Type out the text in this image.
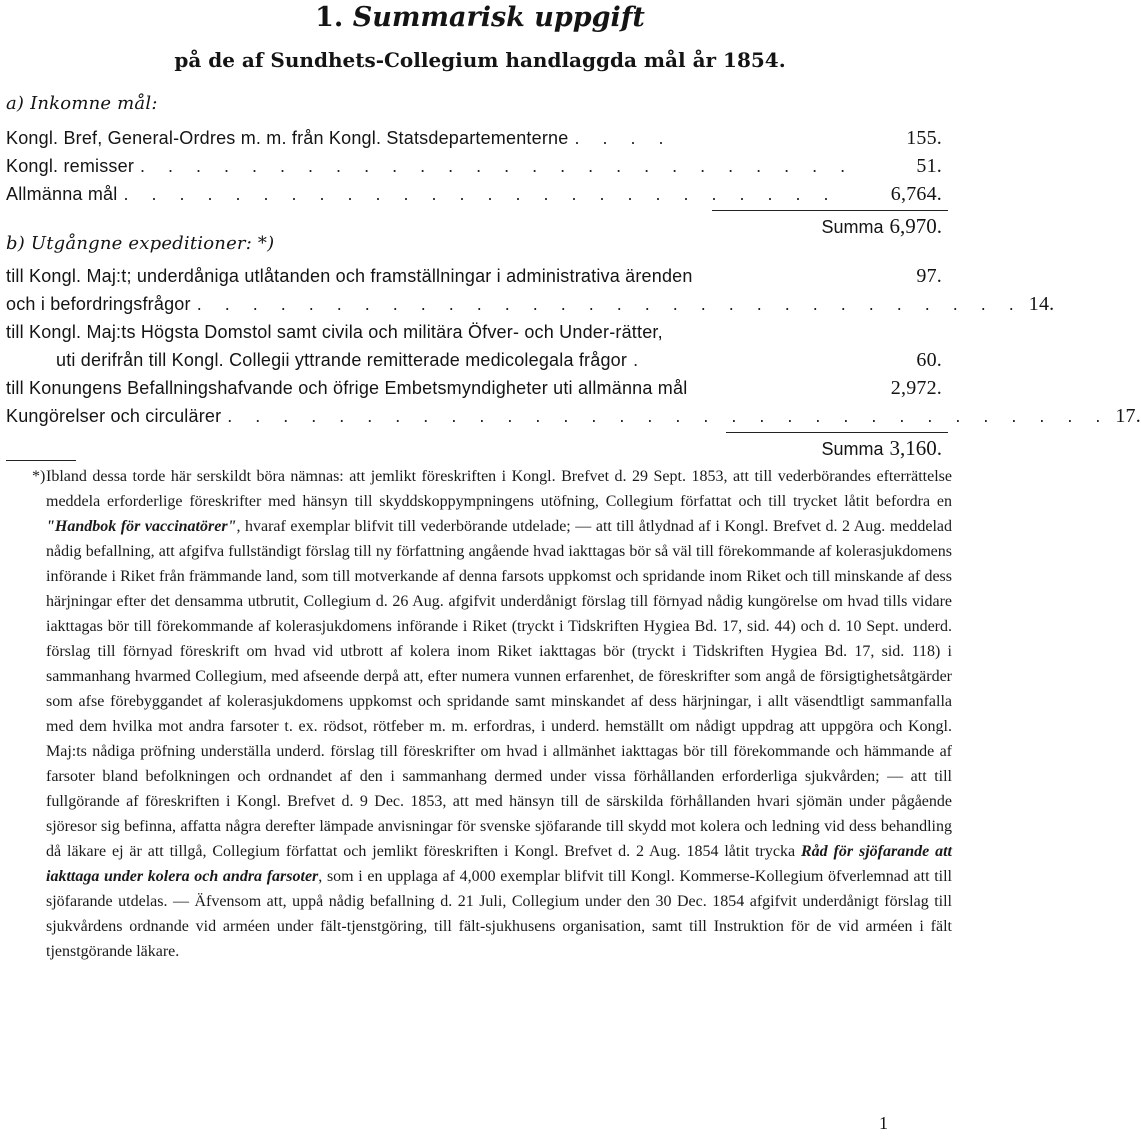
1. Summarisk uppgift
på de af Sundhets-Collegium handlaggda mål år 1854.
a) Inkomne mål:
Kongl. Bref, General-Ordres m. m. från Kongl. Statsdepartementerne . . . .	155.
Kongl. remisser . . . . . . . . . . . . . . . . . . . . . . . . . .	51.
Allmänna mål . . . . . . . . . . . . . . . . . . . . . . . . . .	6,764.
Summa 6,970.
b) Utgångne expeditioner: *)
till Kongl. Maj:t; underdåniga utlåtanden och framställningar i administrativa ärenden	97.
och i befordringsfrågor . . . . . . . . . . . . . . . . . . . . . . . . . . . . . . 14.
till Kongl. Maj:ts Högsta Domstol samt civila och militära Öfver- och Under-rätter,
uti derifrån till Kongl. Collegii yttrande remitterade medicolegala frågor .	60.
till Konungens Befallningshafvande och öfrige Embetsmyndigheter uti allmänna mål	2,972.
Kungörelser och circulärer . . . . . . . . . . . . . . . . . . . . . . . . . . . . . . . . 17.
Summa 3,160.
*) Ibland dessa torde här serskildt böra nämnas: att jemlikt föreskriften i Kongl. Brefvet d. 29 Sept. 1853, att till vederbörandes efterrättelse meddela erforderlige föreskrifter med hänsyn till skyddskoppympningens utöfning, Collegium författat och till trycket låtit befordra en "Handbok för vaccinatörer", hvaraf exemplar blifvit till vederbörande utdelade; — att till åtlydnad af i Kongl. Brefvet d. 2 Aug. meddelad nådig befallning, att afgifva fullständigt förslag till ny författning angående hvad iakttagas bör så väl till förekommande af kolerasjukdomens införande i Riket från främmande land, som till motverkande af denna farsots uppkomst och spridande inom Riket och till minskande af dess härjningar efter det densamma utbrutit, Collegium d. 26 Aug. afgifvit underdånigt förslag till förnyad nådig kungörelse om hvad tills vidare iakttagas bör till förekommande af kolerasjukdomens införande i Riket (tryckt i Tidskriften Hygiea Bd. 17, sid. 44) och d. 10 Sept. underd. förslag till förnyad föreskrift om hvad vid utbrott af kolera inom Riket iakttagas bör (tryckt i Tidskriften Hygiea Bd. 17, sid. 118) i sammanhang hvarmed Collegium, med afseende derpå att, efter numera vunnen erfarenhet, de föreskrifter som angå de försigtighetsåtgärder som afse förebyggandet af kolerasjukdomens uppkomst och spridande samt minskandet af dess härjningar, i allt väsendtligt sammanfalla med dem hvilka mot andra farsoter t. ex. rödsot, rötfeber m. m. erfordras, i underd. hemställt om nådigt uppdrag att uppgöra och Kongl. Maj:ts nådiga pröfning underställa underd. förslag till föreskrifter om hvad i allmänhet iakttagas bör till förekommande och hämmande af farsoter bland befolkningen och ordnandet af den i sammanhang dermed under vissa förhållanden erforderliga sjukvården; — att till fullgörande af föreskriften i Kongl. Brefvet d. 9 Dec. 1853, att med hänsyn till de särskilda förhållanden hvari sjömän under pågående sjöresor sig befinna, affatta några derefter lämpade anvisningar för svenske sjöfarande till skydd mot kolera och ledning vid dess behandling då läkare ej är att tillgå, Collegium författat och jemlikt föreskriften i Kongl. Brefvet d. 2 Aug. 1854 låtit trycka Råd för sjöfarande att iakttaga under kolera och andra farsoter, som i en upplaga af 4,000 exemplar blifvit till Kongl. Kommerse-Kollegium öfverlemnad att till sjöfarande utdelas. — Äfvensom att, uppå nådig befallning d. 21 Juli, Collegium under den 30 Dec. 1854 afgifvit underdånigt förslag till sjukvårdens ordnande vid arméen under fält-tjenstgöring, till fält-sjukhusens organisation, samt till Instruktion för de vid arméen i fält tjenstgörande läkare.

1
